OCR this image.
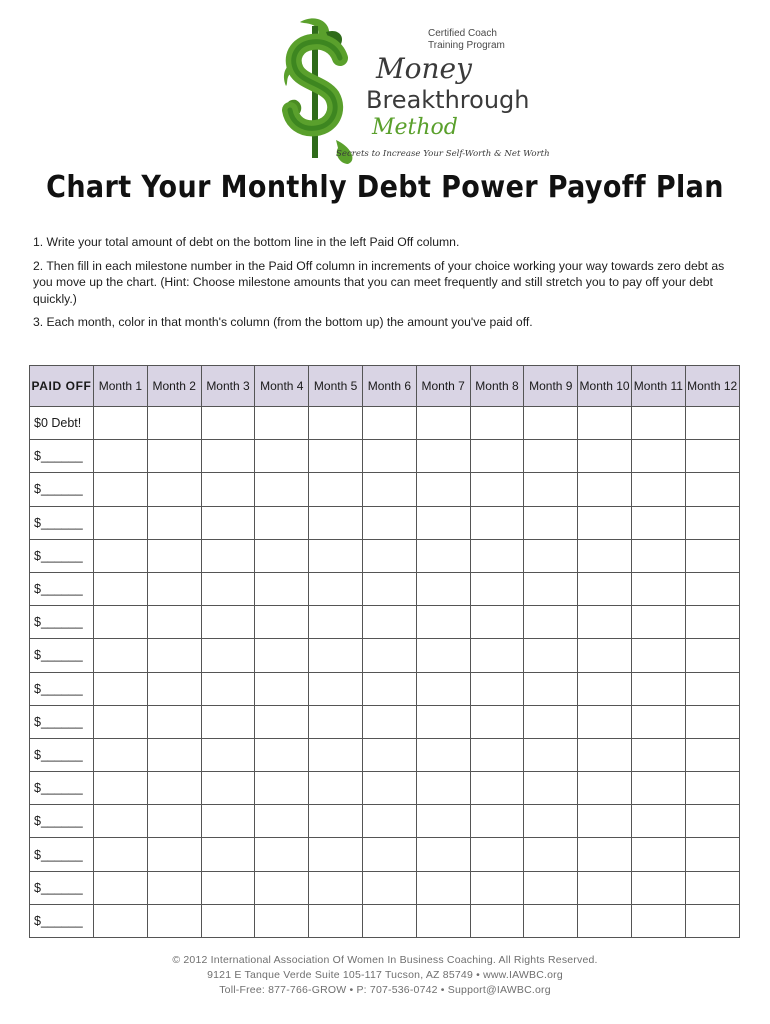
Certified Coach
Training Program
Money
Breakthrough
Method
Secrets to Increase Your Self-Worth & Net Worth
Chart Your Monthly Debt Power Payoff Plan

1. Write your total amount of debt on the bottom line in the left Paid Off column.

2. Then fill in each milestone number in the Paid Off column in increments of your choice working your way towards zero debt as you move up the chart. (Hint: Choose milestone amounts that you can meet frequently and still stretch you to pay off your debt quickly.)

3. Each month, color in that month's column (from the bottom up) the amount you've paid off.

PAID OFF	Month 1	Month 2	Month 3	Month 4	Month 5	Month 6	Month 7	Month 8	Month 9	Month 10	Month 11	Month 12
$0 Debt!												
$______												
$______												
$______												
$______												
$______												
$______												
$______												
$______												
$______												
$______												
$______												
$______												
$______												
$______												
$______												
© 2012 International Association Of Women In Business Coaching. All Rights Reserved.
9121 E Tanque Verde Suite 105-117 Tucson, AZ 85749 • www.IAWBC.org
Toll-Free: 877-766-GROW • P: 707-536-0742 • Support@IAWBC.org
